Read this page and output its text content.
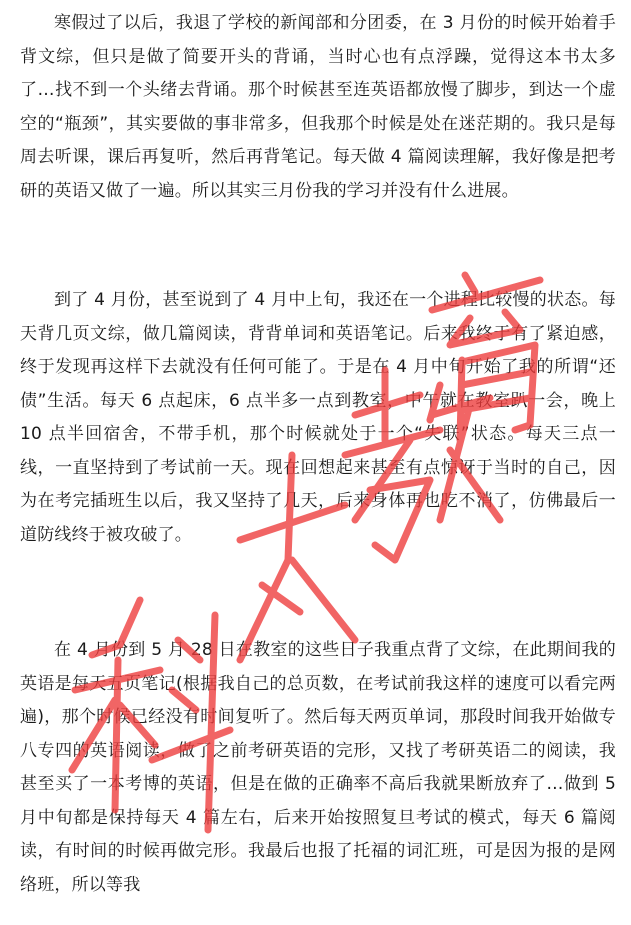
寒假过了以后，我退了学校的新闻部和分团委，在 3 月份的时候开始着手背文综，但只是做了简要开头的背诵，当时心也有点浮躁，觉得这本书太多了…找不到一个头绪去背诵。那个时候甚至连英语都放慢了脚步，到达一个虚空的“瓶颈”，其实要做的事非常多，但我那个时候是处在迷茫期的。我只是每周去听课，课后再复听，然后再背笔记。每天做 4 篇阅读理解，我好像是把考研的英语又做了一遍。所以其实三月份我的学习并没有什么进展。

到了 4 月份，甚至说到了 4 月中上旬，我还在一个进程比较慢的状态。每天背几页文综，做几篇阅读，背背单词和英语笔记。后来我终于有了紧迫感，终于发现再这样下去就没有任何可能了。于是在 4 月中旬开始了我的所谓“还债”生活。每天 6 点起床，6 点半多一点到教室，中午就在教室趴一会，晚上 10 点半回宿舍，不带手机，那个时候就处于一个“失联”状态。每天三点一线，一直坚持到了考试前一天。现在回想起来甚至有点惊讶于当时的自己，因为在考完插班生以后，我又坚持了几天，后来身体再也吃不消了，仿佛最后一道防线终于被攻破了。

在 4 月份到 5 月 28 日在教室的这些日子我重点背了文综，在此期间我的英语是每天五页笔记(根据我自己的总页数，在考试前我这样的速度可以看完两遍)，那个时候已经没有时间复听了。然后每天两页单词，那段时间我开始做专八专四的英语阅读，做了之前考研英语的完形，又找了考研英语二的阅读，我甚至买了一本考博的英语，但是在做的正确率不高后我就果断放弃了…做到 5 月中旬都是保持每天 4 篇左右，后来开始按照复旦考试的模式，每天 6 篇阅读，有时间的时候再做完形。我最后也报了托福的词汇班，可是因为报的是网络班，所以等我
